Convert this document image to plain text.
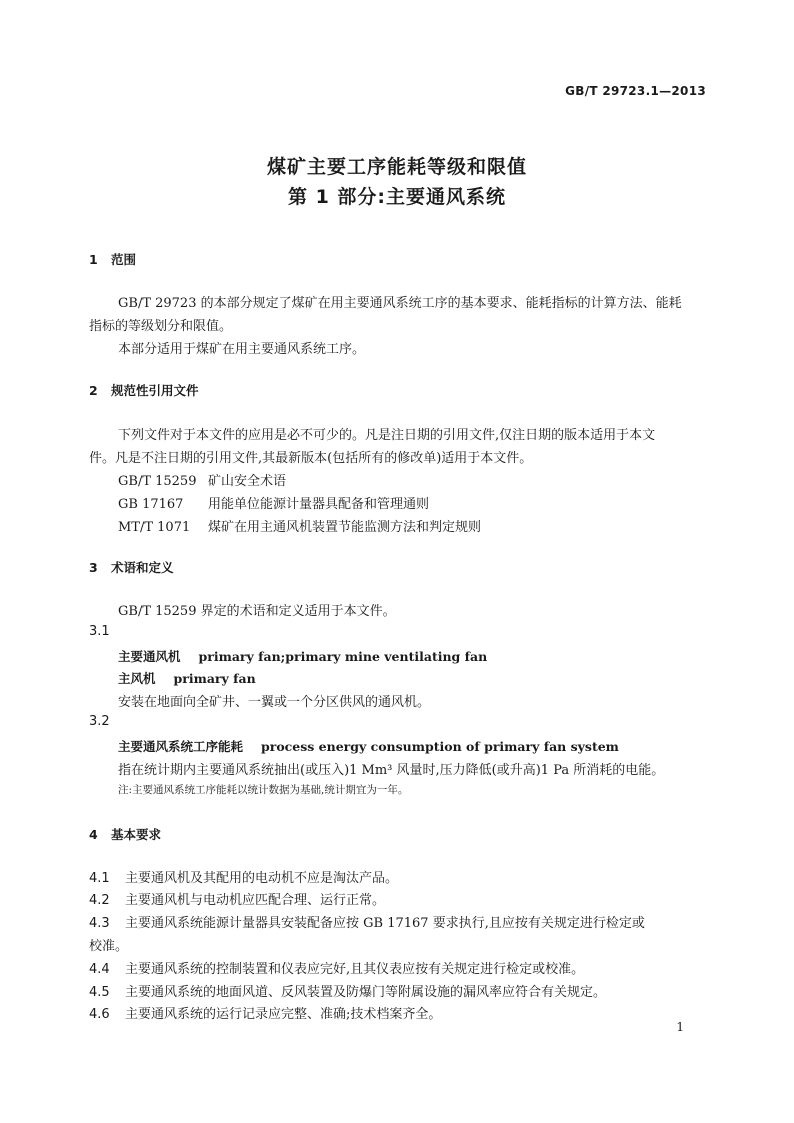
GB/T 29723.1—2013
煤矿主要工序能耗等级和限值
第 1 部分:主要通风系统
1 范围
GB/T 29723 的本部分规定了煤矿在用主要通风系统工序的基本要求、能耗指标的计算方法、能耗
指标的等级划分和限值。
本部分适用于煤矿在用主要通风系统工序。
2 规范性引用文件
下列文件对于本文件的应用是必不可少的。凡是注日期的引用文件,仅注日期的版本适用于本文
件。凡是不注日期的引用文件,其最新版本(包括所有的修改单)适用于本文件。
GB/T 15259 矿山安全术语
GB 17167 用能单位能源计量器具配备和管理通则
MT/T 1071 煤矿在用主通风机装置节能监测方法和判定规则
3 术语和定义
GB/T 15259 界定的术语和定义适用于本文件。
3.1
主要通风机 primary fan;primary mine ventilating fan
主风机 primary fan
安装在地面向全矿井、一翼或一个分区供风的通风机。
3.2
主要通风系统工序能耗 process energy consumption of primary fan system
指在统计期内主要通风系统抽出(或压入)1 Mm³ 风量时,压力降低(或升高)1 Pa 所消耗的电能。
注:主要通风系统工序能耗以统计数据为基础,统计期宜为一年。
4 基本要求
4.1 主要通风机及其配用的电动机不应是淘汰产品。
4.2 主要通风机与电动机应匹配合理、运行正常。
4.3 主要通风系统能源计量器具安装配备应按 GB 17167 要求执行,且应按有关规定进行检定或
校准。
4.4 主要通风系统的控制装置和仪表应完好,且其仪表应按有关规定进行检定或校准。
4.5 主要通风系统的地面风道、反风装置及防爆门等附属设施的漏风率应符合有关规定。
4.6 主要通风系统的运行记录应完整、准确;技术档案齐全。
1
